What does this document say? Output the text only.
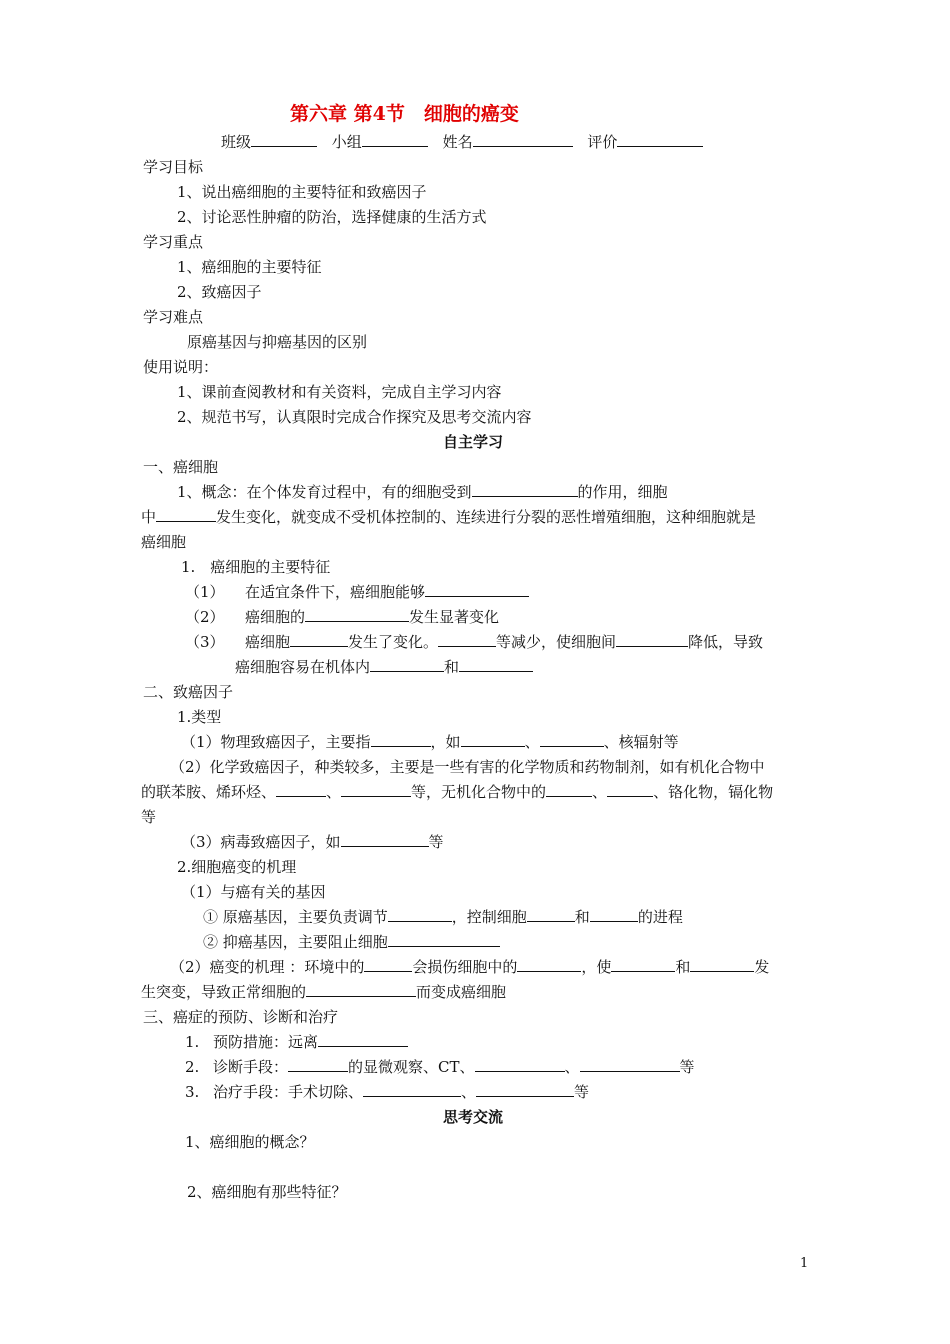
第六章 第4节　细胞的癌变
班级	小组	姓名	评价
学习目标
1、说出癌细胞的主要特征和致癌因子
2、讨论恶性肿瘤的防治，选择健康的生活方式
学习重点
1、癌细胞的主要特征
2、致癌因子
学习难点
原癌基因与抑癌基因的区别
使用说明：
1、课前查阅教材和有关资料，完成自主学习内容
2、规范书写，认真限时完成合作探究及思考交流内容
自主学习
一、癌细胞
1、概念：在个体发育过程中，有的细胞受到	的作用，细胞
中	发生变化，就变成不受机体控制的、连续进行分裂的恶性增殖细胞，这种细胞就是
癌细胞
1.　癌细胞的主要特征
（1） 在适宜条件下，癌细胞能够
（2） 癌细胞的	发生显著变化
（3） 癌细胞	发生了变化。	等减少，使细胞间	降低，导致
癌细胞容易在机体内	和
二、致癌因子
1.类型
（1）物理致癌因子，主要指	，如	、	、核辐射等
（2）化学致癌因子，种类较多，主要是一些有害的化学物质和药物制剂，如有机化合物中
的联苯胺、烯环烃、	、	等，无机化合物中的	、	、铬化物，镉化物
等
（3）病毒致癌因子，如	等
2.细胞癌变的机理
（1）与癌有关的基因
① 原癌基因，主要负责调节	，控制细胞	和	的进程
② 抑癌基因，主要阻止细胞
（2）癌变的机理 ：环境中的	会损伤细胞中的	，使	和	发
生突变，导致正常细胞的	而变成癌细胞
三、癌症的预防、诊断和治疗
1. 预防措施：远离
2. 诊断手段：	的显微观察、CT、	、	等
3. 治疗手段：手术切除、	、	等
思考交流
1、癌细胞的概念？
2、癌细胞有那些特征？
1
